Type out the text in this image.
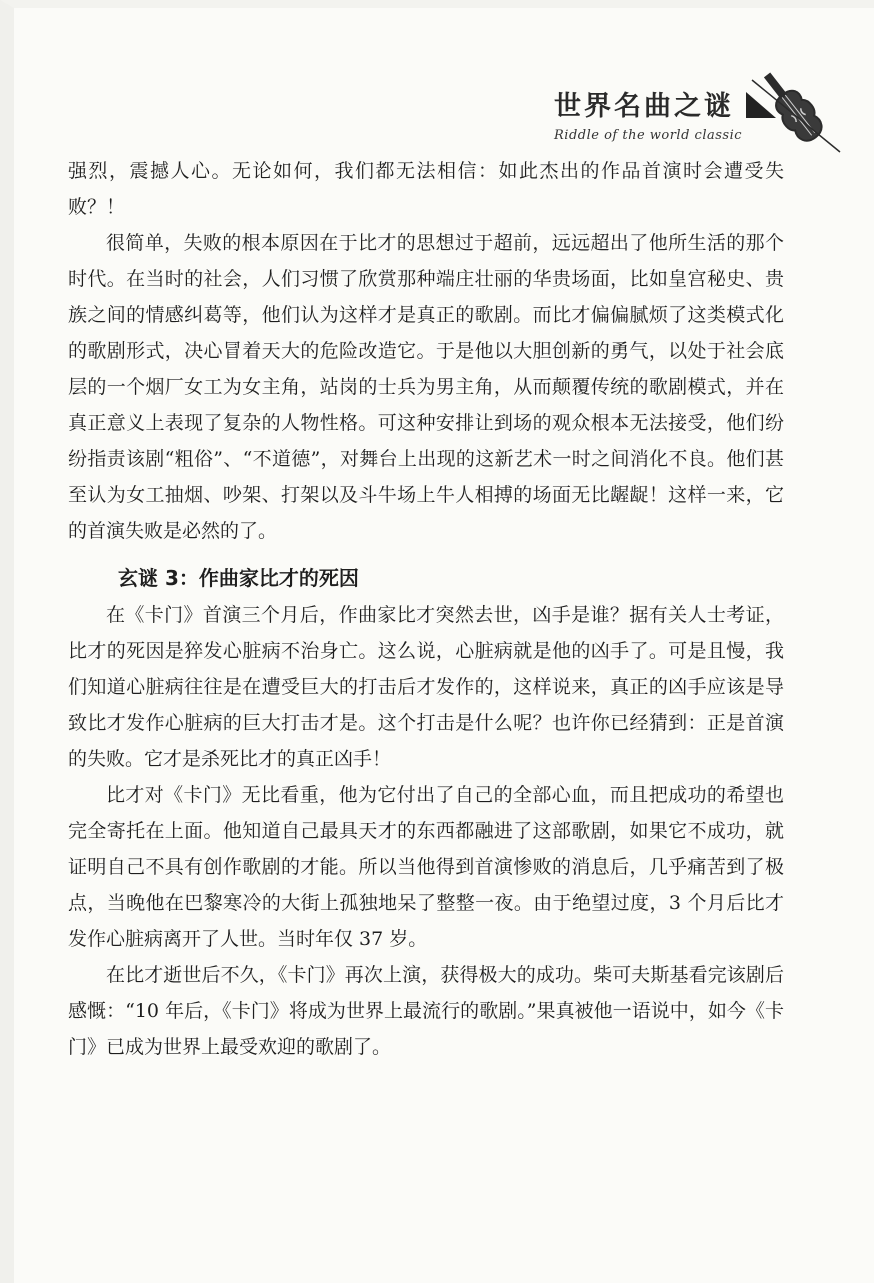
世界名曲之谜
Riddle of the world classic

强烈，震撼人心。无论如何，我们都无法相信：如此杰出的作品首演时会遭受失败？！

很简单，失败的根本原因在于比才的思想过于超前，远远超出了他所生活的那个时代。在当时的社会，人们习惯了欣赏那种端庄壮丽的华贵场面，比如皇宫秘史、贵族之间的情感纠葛等，他们认为这样才是真正的歌剧。而比才偏偏腻烦了这类模式化的歌剧形式，决心冒着天大的危险改造它。于是他以大胆创新的勇气，以处于社会底层的一个烟厂女工为女主角，站岗的士兵为男主角，从而颠覆传统的歌剧模式，并在真正意义上表现了复杂的人物性格。可这种安排让到场的观众根本无法接受，他们纷纷指责该剧“粗俗”、“不道德”，对舞台上出现的这新艺术一时之间消化不良。他们甚至认为女工抽烟、吵架、打架以及斗牛场上牛人相搏的场面无比龌龊！这样一来，它的首演失败是必然的了。

玄谜 3：作曲家比才的死因

在《卡门》首演三个月后，作曲家比才突然去世，凶手是谁？据有关人士考证，比才的死因是猝发心脏病不治身亡。这么说，心脏病就是他的凶手了。可是且慢，我们知道心脏病往往是在遭受巨大的打击后才发作的，这样说来，真正的凶手应该是导致比才发作心脏病的巨大打击才是。这个打击是什么呢？也许你已经猜到：正是首演的失败。它才是杀死比才的真正凶手！

比才对《卡门》无比看重，他为它付出了自己的全部心血，而且把成功的希望也完全寄托在上面。他知道自己最具天才的东西都融进了这部歌剧，如果它不成功，就证明自己不具有创作歌剧的才能。所以当他得到首演惨败的消息后，几乎痛苦到了极点，当晚他在巴黎寒冷的大街上孤独地呆了整整一夜。由于绝望过度，3 个月后比才发作心脏病离开了人世。当时年仅 37 岁。

在比才逝世后不久，《卡门》再次上演，获得极大的成功。柴可夫斯基看完该剧后感慨：“10 年后，《卡门》将成为世界上最流行的歌剧。”果真被他一语说中，如今《卡门》已成为世界上最受欢迎的歌剧了。
